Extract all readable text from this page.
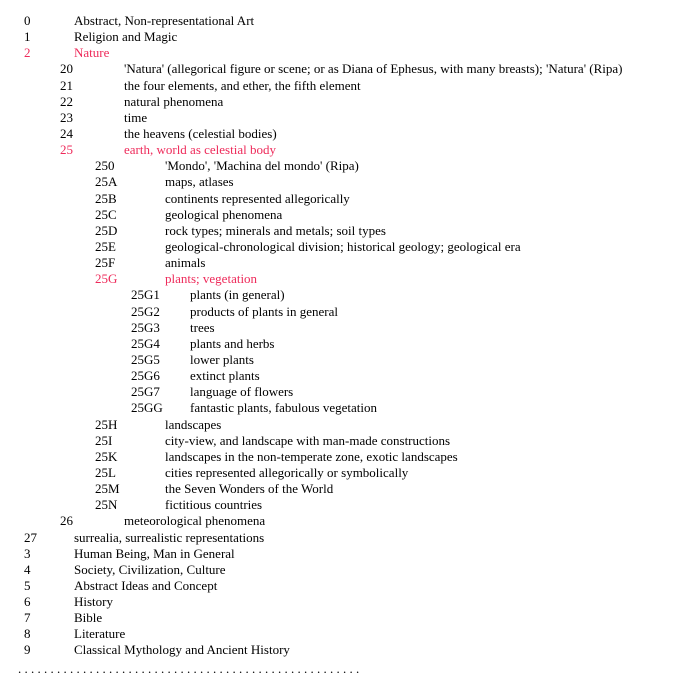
0	Abstract, Non-representational Art
1	Religion and Magic
2	Nature
20	'Natura' (allegorical figure or scene; or as Diana of Ephesus, with many breasts); 'Natura' (Ripa)
21	the four elements, and ether, the fifth element
22	natural phenomena
23	time
24	the heavens (celestial bodies)
25	earth, world as celestial body
250	'Mondo', 'Machina del mondo' (Ripa)
25A	maps, atlases
25B	continents represented allegorically
25C	geological phenomena
25D	rock types; minerals and metals; soil types
25E	geological-chronological division; historical geology; geological era
25F	animals
25G	plants; vegetation
25G1 plants (in general)
25G2 products of plants in general
25G3 trees
25G4 plants and herbs
25G5 lower plants
25G6 extinct plants
25G7 language of flowers
25GG fantastic plants, fabulous vegetation
25H	landscapes
25I	city-view, and landscape with man-made constructions
25K	landscapes in the non-temperate zone, exotic landscapes
25L	cities represented allegorically or symbolically
25M	the Seven Wonders of the World
25N	fictitious countries
26	meteorological phenomena
27	surrealia, surrealistic representations
3	Human Being, Man in General
4	Society, Civilization, Culture
5	Abstract Ideas and Concept
6	History
7	Bible
8	Literature
9	Classical Mythology and Ancient History
. . . . . . . . . . . . . . . . . . . . . . . . . . . . . . . . . . . . . . . . . . . . . . . . . . . . .
